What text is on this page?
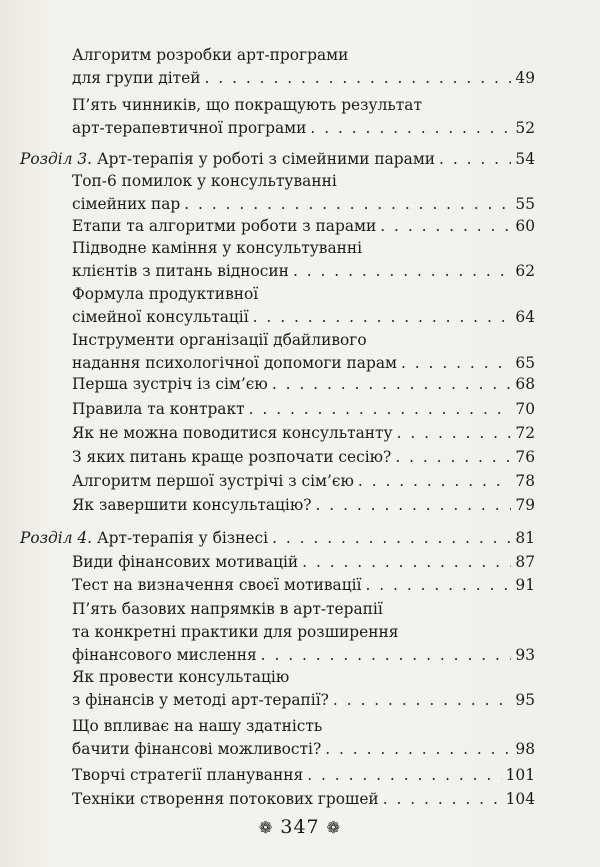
Алгоритм розробки арт-програми
для групи дітей . . .	49
П’ять чинників, що покращують результат
арт-терапевтичної програми . . .	52
Розділ 3. Арт-терапія у роботі з сімейними парами . . .	54
Топ-6 помилок у консультуванні
сімейних пар . . .	55
Етапи та алгоритми роботи з парами . . .	60
Підводне каміння у консультуванні
клієнтів з питань відносин . . .	62
Формула продуктивної
сімейної консультації . . .	64
Інструменти організації дбайливого
надання психологічної допомоги парам . . .	65
Перша зустріч із сім’єю . . .	68
Правила та контракт . . .	70
Як не можна поводитися консультанту . . .	72
З яких питань краще розпочати сесію? . . .	76
Алгоритм першої зустрічі з сім’єю . . .	78
Як завершити консультацію? . . .	79
Розділ 4. Арт-терапія у бізнесі . . .	81
Види фінансових мотивацій . . .	87
Тест на визначення своєї мотивації . . .	91
П’ять базових напрямків в арт-терапії
та конкретні практики для розширення
фінансового мислення . . .	93
Як провести консультацію
з фінансів у методі арт-терапії? . . .	95
Що впливає на нашу здатність
бачити фінансові можливості? . . .	98
Творчі стратегії планування . . .	101
Техніки створення потокових грошей . . .	104
❁ 347 ❁
